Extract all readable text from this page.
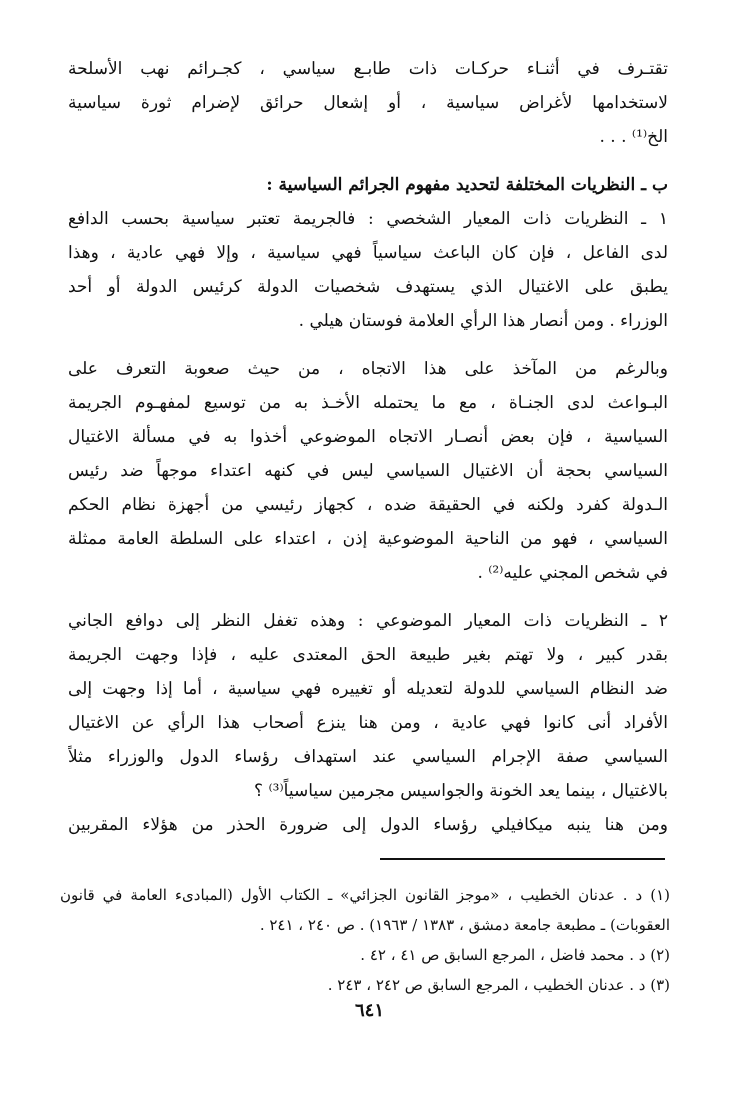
تقتـرف في أثنـاء حركـات ذات طابـع سياسي ، كجـرائم نهب الأسلحة
لاستخدامها لأغراض سياسية ، أو إشعال حرائق لإضرام ثورة سياسية
الخ⁽¹⁾ . . .
ب ـ النظريات المختلفة لتحديد مفهوم الجرائم السياسية :
١ ـ النظريات ذات المعيار الشخصي : فالجريمة تعتبر سياسية بحسب الدافع
لدى الفاعل ، فإن كان الباعث سياسياً فهي سياسية ، وإلا فهي عادية ، وهذا
يطبق على الاغتيال الذي يستهدف شخصيات الدولة كرئيس الدولة أو أحد
الوزراء . ومن أنصار هذا الرأي العلامة فوستان هيلي .
وبالرغم من المآخذ على هذا الاتجاه ، من حيث صعوبة التعرف على
البـواعث لدى الجنـاة ، مع ما يحتمله الأخـذ به من توسيع لمفهـوم الجريمة
السياسية ، فإن بعض أنصـار الاتجاه الموضوعي أخذوا به في مسألة الاغتيال
السياسي بحجة أن الاغتيال السياسي ليس في كنهه اعتداء موجهاً ضد رئيس
الـدولة كفرد ولكنه في الحقيقة ضده ، كجهاز رئيسي من أجهزة نظام الحكم
السياسي ، فهو من الناحية الموضوعية إذن ، اعتداء على السلطة العامة ممثلة
في شخص المجني عليه⁽²⁾ .
٢ ـ النظريات ذات المعيار الموضوعي : وهذه تغفل النظر إلى دوافع الجاني
بقدر كبير ، ولا تهتم بغير طبيعة الحق المعتدى عليه ، فإذا وجهت الجريمة
ضد النظام السياسي للدولة لتعديله أو تغييره فهي سياسية ، أما إذا وجهت إلى
الأفراد أنى كانوا فهي عادية ، ومن هنا ينزع أصحاب هذا الرأي عن الاغتيال
السياسي صفة الإجرام السياسي عند استهداف رؤساء الدول والوزراء مثلاً
بالاغتيال ، بينما يعد الخونة والجواسيس مجرمين سياسياً⁽³⁾ ؟
ومن هنا ينبه ميكافيلي رؤساء الدول إلى ضرورة الحذر من هؤلاء المقربين
(١) د . عدنان الخطيب ، «موجز القانون الجزائي» ـ الكتاب الأول (المبادىء العامة في قانون
العقوبات) ـ مطبعة جامعة دمشق ، ١٣٨٣ / ١٩٦٣) . ص ٢٤٠ ، ٢٤١ .
(٢) د . محمد فاضل ، المرجع السابق ص ٤١ ، ٤٢ .
(٣) د . عدنان الخطيب ، المرجع السابق ص ٢٤٢ ، ٢٤٣ .
٦٤١
